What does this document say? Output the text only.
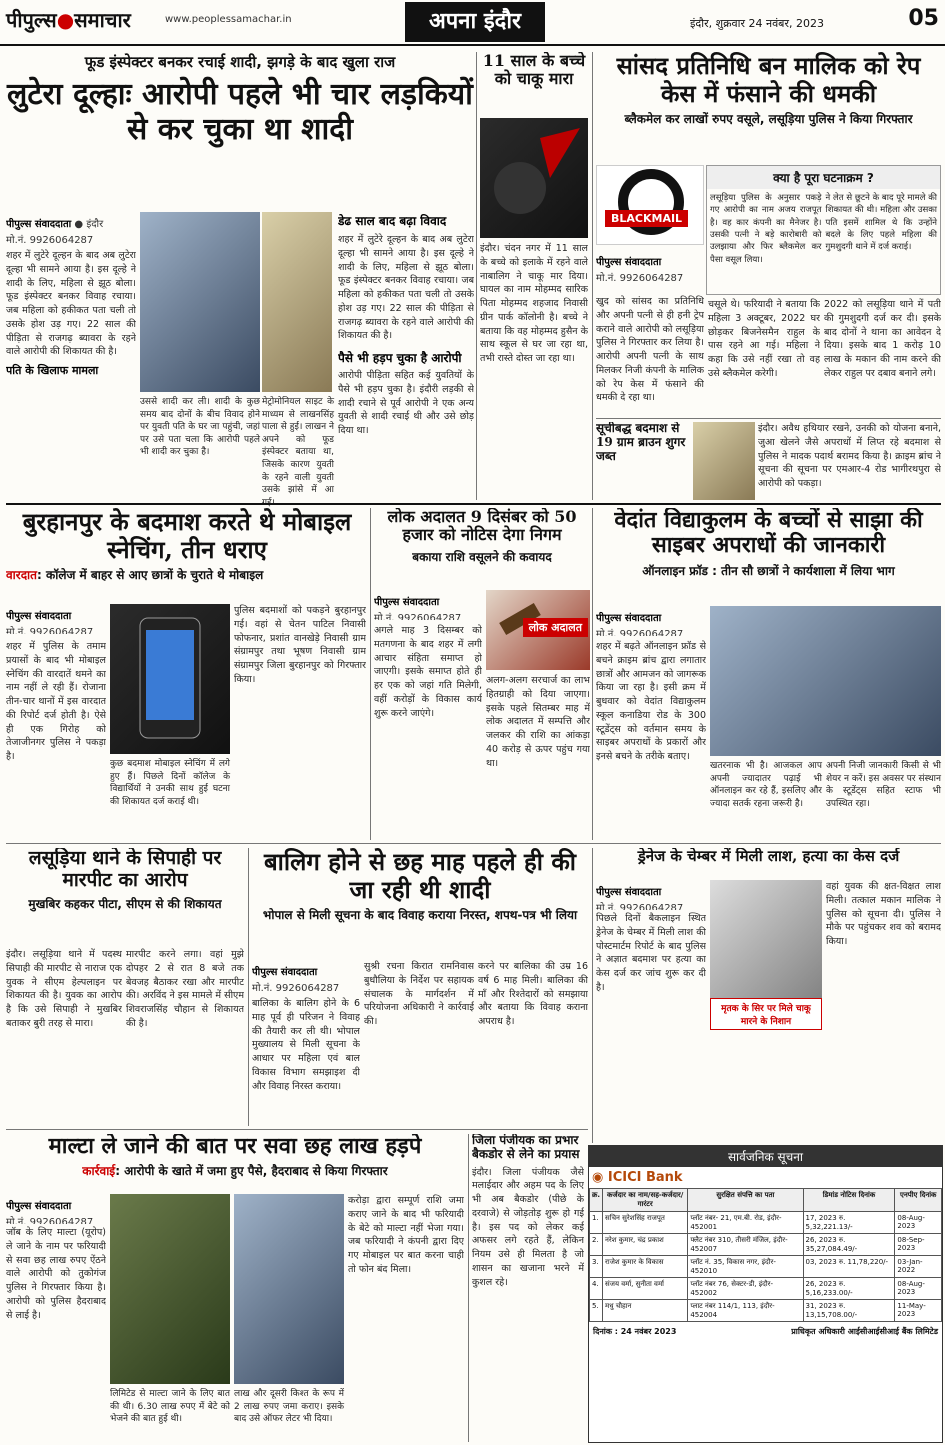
पीपुल्स●समाचार	www.peoplessamachar.in	अपना इंदौर	इंदौर, शुक्रवार 24 नवंबर, 2023	05
फूड इंस्पेक्टर बनकर रचाई शादी, झगड़े के बाद खुला राज
लुटेरा दूल्हाः आरोपी पहले भी चार लड़कियों से कर चुका था शादी
पीपुल्स संवाददाता ● इंदौर
मो.नं. 9926064287
शहर में लुटेरे दूल्हन के बाद अब लुटेरा दूल्हा भी सामने आया है। इस दूल्हे ने शादी के लिए, महिला से झूठ बोला। फूड इंस्पेक्टर बनकर विवाह रचाया। जब महिला को हकीकत पता चली तो उसके होश उड़ गए। 22 साल की पीड़िता से राजगढ़ ब्यावरा के रहने वाले आरोपी की शिकायत की है।
पति के खिलाफ मामला
उससे शादी कर ली। शादी के कुछ समय बाद दोनों के बीच विवाद होने पर युवती पति के घर जा पहुंची, जहां पर उसे पता चला कि आरोपी पहले भी शादी कर चुका है।
मेट्रोमोनियल साइट के माध्यम से लाखनसिंह पाला से हुई। लाखन ने अपने को फूड इंस्पेक्टर बताया था, जिसके कारण युवती के रहने वाली युवती उसके झांसे में आ
डेढ साल बाद बढ़ा विवाद
शहर में लुटेरे दूल्हन के बाद अब लुटेरा दूल्हा भी सामने आया है। इस दूल्हे ने शादी के लिए, महिला से झूठ बोला। फूड इंस्पेक्टर बनकर विवाह रचाया। जब महिला को हकीकत पता चली तो उसके होश उड़ गए। 22 साल की पीड़िता से राजगढ़ ब्यावरा के रहने वाले आरोपी की शिकायत की है।
पैसे भी हड़प चुका है आरोपी
आरोपी पीड़िता सहित कई युवतियों के पैसे भी हड़प चुका है। इंदौरी लड़की से शादी रचाने से पूर्व आरोपी ने एक अन्य युवती से शादी रचाई थी और उसे छोड़ दिया था।
11 साल के बच्चे को चाकू मारा
इंदौर। चंदन नगर में 11 साल के बच्चे को इलाके में रहने वाले नाबालिग ने चाकू मार दिया। घायल का नाम मोहम्मद सारिक पिता मोहम्मद शहजाद निवासी ग्रीन पार्क कॉलोनी है। बच्चे ने बताया कि वह मोहम्मद हुसैन के साथ स्कूल से घर जा रहा था, तभी रास्ते दोस्त जा रहा था।
सांसद प्रतिनिधि बन मालिक को रेप केस में फंसाने की धमकी
ब्लैकमेल कर लाखों रुपए वसूले, लसूड़िया पुलिस ने किया गिरफ्तार
BLACKMAIL
पीपुल्स संवाददाता
मो.नं. 9926064287
क्या है पूरा घटनाक्रम ?
लसूड़िया पुलिस के अनुसार पकड़े गए आरोपी का नाम अजय राजपूत है। वह कार कंपनी का मैनेजर है। उसकी पत्नी ने बड़े कारोबारी को उलझाया और फिर ब्लैकमेल कर पैसा वसूल लिया।
ने लेत से छूटने के बाद पूरे मामले की शिकायत की थी। महिला और उसका पति इसमें शामिल थे कि उन्होंने बदले के लिए पहले महिला की गुमशुदगी थाने में दर्ज कराई।
खुद को सांसद का प्रतिनिधि और अपनी पत्नी से ही हनी ट्रेप कराने वाले आरोपी को लसूड़िया पुलिस ने गिरफ्तार कर लिया है। आरोपी अपनी पत्नी के साथ मिलकर निजी कंपनी के मालिक को रेप केस में फंसाने की धमकी दे रहा था।
चसूले थे। फरियादी ने बताया कि महिला 3 अक्टूबर, 2022 घर छोड़कर बिजनेसमैन राहुल के पास रहने आ गई। महिला ने कहा कि उसे नहीं रखा तो वह उसे ब्लैकमेल करेगी।
2022 को लसूड़िया थाने में पती की गुमशुदगी दर्ज कर दी। इसके बाद दोनों ने थाना का आवेदन दे दिया। इसके बाद 1 करोड़ 10 लाख के मकान की नाम करने की लेकर राहुल पर दबाव बनाने लगे।
सूचीबद्ध बदमाश से 19 ग्राम ब्राउन शुगर जब्त
इंदौर। अवैध हथियार रखने, उनकी को योजना बनाने, जुआ खेलने जैसे अपराधों में लिप्त रहे बदमाश से पुलिस ने मादक पदार्थ बरामद किया है। क्राइम ब्रांच ने सूचना की सूचना पर एमआर-4 रोड भागीरथपुरा से आरोपी को पकड़ा।
बुरहानपुर के बदमाश करते थे मोबाइल स्नेचिंग, तीन धराए
वारदात: कॉलेज में बाहर से आए छात्रों के चुराते थे मोबाइल
पीपुल्स संवाददाता
मो.नं. 9926064287
शहर में पुलिस के तमाम प्रयासों के बाद भी मोबाइल स्नेचिंग की वारदातें थमने का नाम नहीं ले रही हैं। रोजाना तीन-चार थानों में इस वारदात की रिपोर्ट दर्ज होती है। ऐसे ही एक गिरोह को तेजाजीनगर पुलिस ने पकड़ा है।
कुछ बदमाश मोबाइल स्नेचिंग में लगे हुए हैं। पिछले दिनों कॉलेज के विद्यार्थियों ने उनकी साथ हुई घटना की शिकायत दर्ज कराई थी।
पुलिस बदमाशों को पकड़ने बुरहानपुर गई। वहां से चेतन पाटिल निवासी फोफनार, प्रशांत वानखेड़े निवासी ग्राम संग्रामपुर तथा भूषण निवासी ग्राम संग्रामपुर जिला बुरहानपुर को गिरफ्तार किया।
लोक अदालत 9 दिसंबर को 50 हजार को नोटिस देगा निगम
बकाया राशि वसूलने की कवायद
पीपुल्स संवाददाता
मो.नं. 9926064287
लोक अदालत
अगले माह 3 दिसम्बर को मतगणना के बाद शहर में लगी आचार संहिता समाप्त हो जाएगी। इसके समाप्त होते ही हर एक को जहां गति मिलेगी, वहीं करोड़ों के विकास कार्य शुरू करने जाएंगे।
अलग-अलग सरचार्ज का लाभ हितग्राही को दिया जाएगा। इसके पहले सितम्बर माह में लोक अदालत में सम्पत्ति और जलकर की राशि का आंकड़ा 40 करोड़ से ऊपर पहुंच गया था।
वेदांत विद्याकुलम के बच्चों से साझा की साइबर अपराधों की जानकारी
ऑनलाइन फ्रॉड : तीन सौ छात्रों ने कार्यशाला में लिया भाग
पीपुल्स संवाददाता
मो.नं. 9926064287
शहर में बढ़ते ऑनलाइन फ्रॉड से बचने क्राइम ब्रांच द्वारा लगातार छात्रों और आमजन को जागरूक किया जा रहा है। इसी क्रम में बुधवार को वेदांत विद्याकुलम स्कूल कनाडिया रोड के 300 स्टूडेंट्स को वर्तमान समय के साइबर अपराधों के प्रकारों और इनसे बचने के तरीके बताए।
खतरनाक भी है। आजकल आप अपनी ज्यादातर पढ़ाई भी ऑनलाइन कर रहे हैं, इसलिए और ज्यादा सतर्क रहना जरूरी है।
अपनी निजी जानकारी किसी से भी शेयर न करें। इस अवसर पर संस्थान के स्टूडेंट्स सहित स्टाफ भी उपस्थित रहा।
लसूड़िया थाने के सिपाही पर मारपीट का आरोप
मुखबिर कहकर पीटा, सीएम से की शिकायत
इंदौर। लसूड़िया थाने में पदस्थ सिपाही की मारपीट से नाराज एक युवक ने सीएम हेल्पलाइन पर शिकायत की है। युवक का आरोप है कि उसे सिपाही ने मुखबिर बताकर बुरी तरह से मारा।
मारपीट करने लगा। वहां मुझे दोपहर 2 से रात 8 बजे तक बेवजह बैठाकर रखा और मारपीट की। अरविंद ने इस मामले में सीएम शिवराजसिंह चौहान से शिकायत की है।
बालिग होने से छह माह पहले ही की जा रही थी शादी
भोपाल से मिली सूचना के बाद विवाह कराया निरस्त, शपथ-पत्र भी लिया
पीपुल्स संवाददाता
मो.नं. 9926064287
बालिका के बालिग होने के 6 माह पूर्व ही परिजन ने विवाह की तैयारी कर ली थी। भोपाल मुख्यालय से मिली सूचना के आधार पर महिला एवं बाल विकास विभाग समझाइश दी और विवाह निरस्त कराया।
सुश्री रचना किरात रामनिवास बुधौलिया के निर्देश पर सहायक संचालक के मार्गदर्शन में परियोजना अधिकारी ने कार्रवाई की।
करने पर बालिका की उम्र 16 वर्ष 6 माह मिली। बालिका की माँ और रिश्तेदारों को समझाया और बताया कि विवाह कराना अपराध है।
ड्रेनेज के चेम्बर में मिली लाश, हत्या का केस दर्ज
पीपुल्स संवाददाता
मो.नं. 9926064287
पिछले दिनों बैकलाइन स्थित ड्रेनेज के चेम्बर में मिली लाश की पोस्टमार्टम रिपोर्ट के बाद पुलिस ने अज्ञात बदमाश पर हत्या का केस दर्ज कर जांच शुरू कर दी है।
मृतक के सिर पर मिले चाकू मारने के निशान
वहां युवक की क्षत-विक्षत लाश मिली। तत्काल मकान मालिक ने पुलिस को सूचना दी। पुलिस ने मौके पर पहुंचकर शव को बरामद किया।
माल्टा ले जाने की बात पर सवा छह लाख हड़पे
कार्रवाई: आरोपी के खाते में जमा हुए पैसे, हैदराबाद से किया गिरफ्तार
पीपुल्स संवाददाता
मो.नं. 9926064287
जॉब के लिए माल्टा (यूरोप) ले जाने के नाम पर फरियादी से सवा छह लाख रुपए ऐंठने वाले आरोपी को तुकोगंज पुलिस ने गिरफ्तार किया है। आरोपी को पुलिस हैदराबाद से लाई है।
लिमिटेड से माल्टा जाने के लिए बात की थी। 6.30 लाख रुपए में बेटे को भेजने की बात हुई थी।
लाख और दूसरी किश्त के रूप में 2 लाख रुपए जमा कराए। इसके बाद उसे ऑफर लेटर भी दिया।
करोड़ा द्वारा सम्पूर्ण राशि जमा कराए जाने के बाद भी फरियादी के बेटे को माल्टा नहीं भेजा गया। जब फरियादी ने कंपनी द्वारा दिए गए मोबाइल पर बात करना चाही तो फोन बंद मिला।
जिला पंजीयक का प्रभार बैकडोर से लेने का प्रयास
इंदौर। जिला पंजीयक जैसे मलाईदार और अहम पद के लिए भी अब बैकडोर (पीछे के दरवाजे) से जोड़तोड़ शुरू हो गई है। इस पद को लेकर कई अफसर लगे रहते हैं, लेकिन नियम उसे ही मिलता है जो शासन का खजाना भरने में कुशल रहे।
सार्वजनिक सूचना
◉ ICICI Bank
क्र.	कर्जदार का नाम/सह-कर्जदार/गारंटर	सुरक्षित संपत्ति का पता	डिमांड नोटिस दिनांक	एनपीए दिनांक
1.	सचिन सुरेशसिंह राजपूत	प्लॉट नंबर- 21, एम.बी. रोड, इंदौर- 452001	17, 2023 रु. 5,32,221.13/-	08-Aug-2023
2.	नरेश कुमार, चंद्र प्रकाश	फ्लैट नंबर 310, तीसरी मंजिल, इंदौर- 452007	26, 2023 रु. 35,27,084.49/-	08-Sep-2023
3.	राजेश कुमार के विकास	प्लॉट नं. 35, विकास नगर, इंदौर- 452010	03, 2023 रु. 11,78,220/-	03-Jan-2022
4.	संजय वर्मा, सुनीता वर्मा	प्लॉट नंबर 76, सेक्टर-डी, इंदौर- 452002	26, 2023 रु. 5,16,233.00/-	08-Aug-2023
5.	मधु चौहान	प्लाट नंबर 114/1, 113, इंदौर- 452004	31, 2023 रु. 13,15,708.00/-	11-May-2023
दिनांक : 24 नवंबर 2023	प्राधिकृत अधिकारी आईसीआईसीआई बैंक लिमिटेड
